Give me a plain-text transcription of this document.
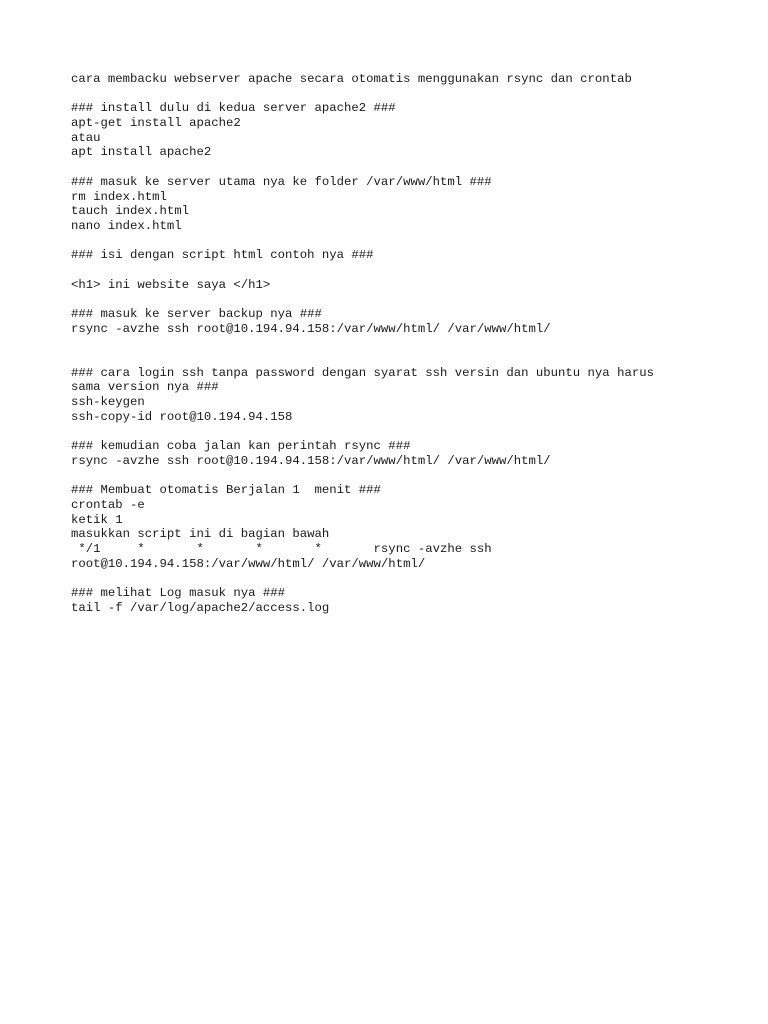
cara membacku webserver apache secara otomatis menggunakan rsync dan crontab
### install dulu di kedua server apache2 ###
apt-get install apache2
atau
apt install apache2
### masuk ke server utama nya ke folder /var/www/html ###
rm index.html
tauch index.html
nano index.html
### isi dengan script html contoh nya ###
<h1> ini website saya </h1>
### masuk ke server backup nya ###
rsync -avzhe ssh root@10.194.94.158:/var/www/html/ /var/www/html/
### cara login ssh tanpa password dengan syarat ssh versin dan ubuntu nya harus
sama version nya ###
ssh-keygen
ssh-copy-id root@10.194.94.158
### kemudian coba jalan kan perintah rsync ###
rsync -avzhe ssh root@10.194.94.158:/var/www/html/ /var/www/html/
### Membuat otomatis Berjalan 1  menit ###
crontab -e
ketik 1
masukkan script ini di bagian bawah
*/1     *       *       *       *       rsync -avzhe ssh
root@10.194.94.158:/var/www/html/ /var/www/html/
### melihat Log masuk nya ###
tail -f /var/log/apache2/access.log
